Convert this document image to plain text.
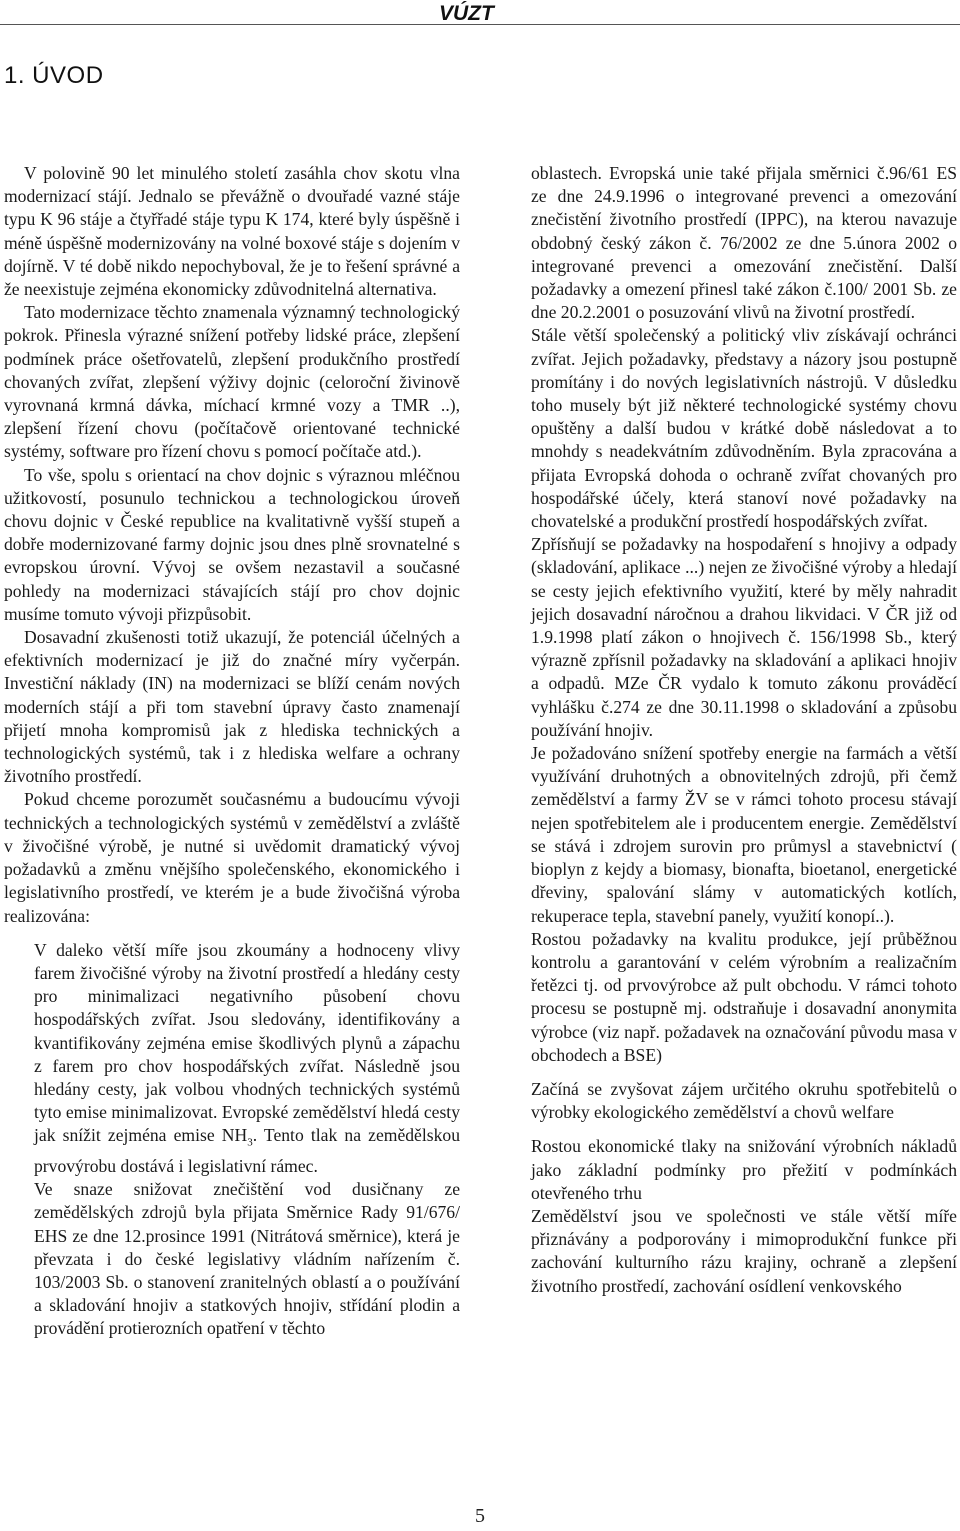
VÚZT
1. ÚVOD

V polovině 90 let minulého století zasáhla chov skotu vlna modernizací stájí. Jednalo se převážně o dvouřadé vazné stáje typu K 96 stáje a čtyřřadé stáje typu K 174, které byly úspěšně i méně úspěšně modernizovány na volné boxové stáje s dojením v dojírně. V té době nikdo nepochyboval, že je to řešení správné a že neexistuje zejména ekonomicky zdůvodnitelná alternativa.

Tato modernizace těchto znamenala významný technologický pokrok. Přinesla výrazné snížení potřeby lidské práce, zlepšení podmínek práce ošetřovatelů, zlepšení produkčního prostředí chovaných zvířat, zlepšení výživy dojnic (celoroční živinově vyrovnaná krmná dávka, míchací krmné vozy a TMR ..), zlepšení řízení chovu (počítačově orientované technické systémy, software pro řízení chovu s pomocí počítače atd.).

To vše, spolu s orientací na chov dojnic s výraznou mléčnou užitkovostí, posunulo technickou a technologickou úroveň chovu dojnic v České republice na kvalitativně vyšší stupeň a dobře modernizované farmy dojnic jsou dnes plně srovnatelné s evropskou úrovní. Vývoj se ovšem nezastavil a současné pohledy na modernizaci stávajících stájí pro chov dojnic musíme tomuto vývoji přizpůsobit.

Dosavadní zkušenosti totiž ukazují, že potenciál účelných a efektivních modernizací je již do značné míry vyčerpán. Investiční náklady (IN) na modernizaci se blíží cenám nových moderních stájí a při tom stavební úpravy často znamenají přijetí mnoha kompromisů jak z hlediska technických a technologických systémů, tak i z hlediska welfare a ochrany životního prostředí.

Pokud chceme porozumět současnému a budoucímu vývoji technických a technologických systémů v zemědělství a zvláště v živočišné výrobě, je nutné si uvědomit dramatický vývoj požadavků a změnu vnějšího společenského, ekonomického i legislativního prostředí, ve kterém je a bude živočišná výroba realizována:

V daleko větší míře jsou zkoumány a hodnoceny vlivy farem živočišné výroby na životní prostředí a hledány cesty pro minimalizaci negativního působení chovu hospodářských zvířat. Jsou sledovány, identifikovány a kvantifikovány zejména emise škodlivých plynů a zápachu z farem pro chov hospodářských zvířat. Následně jsou hledány cesty, jak volbou vhodných technických systémů tyto emise minimalizovat. Evropské zemědělství hledá cesty jak snížit zejména emise $NH_3$. Tento tlak na zemědělskou prvovýrobu dostává i legislativní rámec.

Ve snaze snižovat znečištění vod dusičnany ze zemědělských zdrojů byla přijata Směrnice Rady 91/676/ EHS ze dne 12.prosince 1991 (Nitrátová směrnice), která je převzata i do české legislativy vládním nařízením č. 103/2003 Sb. o stanovení zranitelných oblastí a o používání a skladování hnojiv a statkových hnojiv, střídání plodin a provádění protierozních opatření v těchto

oblastech. Evropská unie také přijala směrnici č.96/61 ES ze dne 24.9.1996 o integrované prevenci a omezování znečistění životního prostředí (IPPC), na kterou navazuje obdobný český zákon č. 76/2002 ze dne 5.února 2002 o integrované prevenci a omezování znečistění. Další požadavky a omezení přinesl také zákon č.100/ 2001 Sb. ze dne 20.2.2001 o posuzování vlivů na životní prostředí.

Stále větší společenský a politický vliv získávají ochránci zvířat. Jejich požadavky, představy a názory jsou postupně promítány i do nových legislativních nástrojů. V důsledku toho musely být již některé technologické systémy chovu opuštěny a další budou v krátké době následovat a to mnohdy s neadekvátním zdůvodněním. Byla zpracována a přijata Evropská dohoda o ochraně zvířat chovaných pro hospodářské účely, která stanoví nové požadavky na chovatelské a produkční prostředí hospodářských zvířat.

Zpřísňují se požadavky na hospodaření s hnojivy a odpady (skladování, aplikace ...) nejen ze živočišné výroby a hledají se cesty jejich efektivního využití, které by měly nahradit jejich dosavadní náročnou a drahou likvidaci. V ČR již od 1.9.1998 platí zákon o hnojivech č. 156/1998 Sb., který výrazně zpřísnil požadavky na skladování a aplikaci hnojiv a odpadů. MZe ČR vydalo k tomuto zákonu prováděcí vyhlášku č.274 ze dne 30.11.1998 o skladování a způsobu používání hnojiv.

Je požadováno snížení spotřeby energie na farmách a větší využívání druhotných a obnovitelných zdrojů, při čemž zemědělství a farmy ŽV se v rámci tohoto procesu stávají nejen spotřebitelem ale i producentem energie. Zemědělství se stává i zdrojem surovin pro průmysl a stavebnictví ( bioplyn z kejdy a biomasy, bionafta, bioetanol, energetické dřeviny, spalování slámy v automatických kotlích, rekuperace tepla, stavební panely, využití konopí..).

Rostou požadavky na kvalitu produkce, její průběžnou kontrolu a garantování v celém výrobním a realizačním řetězci tj. od prvovýrobce až pult obchodu. V rámci tohoto procesu se postupně mj. odstraňuje i dosavadní anonymita výrobce (viz např. požadavek na označování původu masa v obchodech a BSE)

Začíná se zvyšovat zájem určitého okruhu spotřebitelů o výrobky ekologického zemědělství a chovů welfare

Rostou ekonomické tlaky na snižování výrobních nákladů jako základní podmínky pro přežití v podmínkách otevřeného trhu

Zemědělství jsou ve společnosti ve stále větší míře přiznávány a podporovány i mimoprodukční funkce při zachování kulturního rázu krajiny, ochraně a zlepšení životního prostředí, zachování osídlení venkovského

5
